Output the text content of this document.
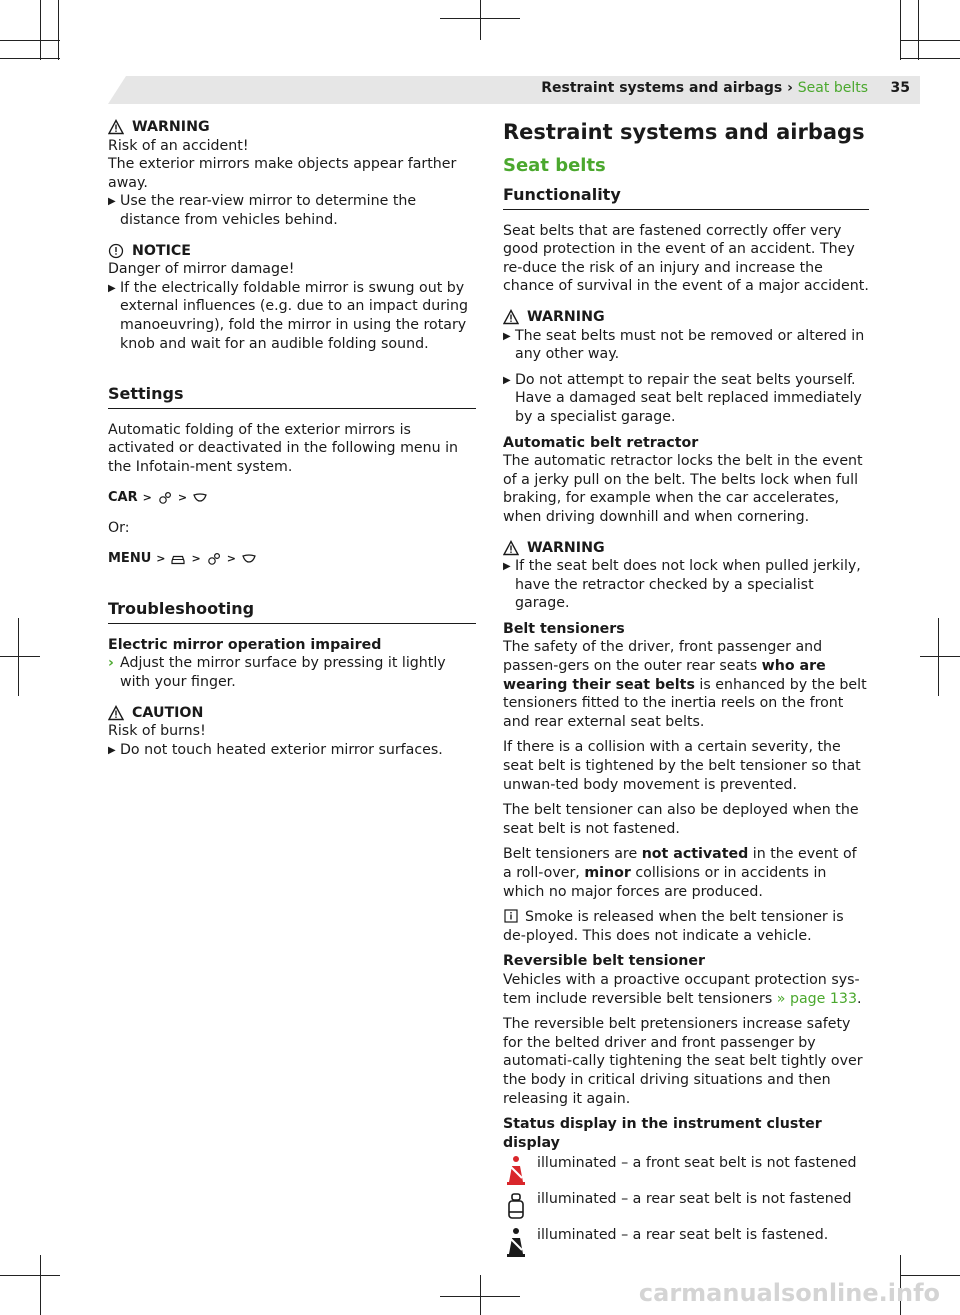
Restraint systems and airbags › Seat belts 35
WARNING

Risk of an accident!

The exterior mirrors make objects appear farther away.

▶ Use the rear-view mirror to determine the distance from vehicles behind.
NOTICE

Danger of mirror damage!

▶ If the electrically foldable mirror is swung out by external influences (e.g. due to an impact during manoeuvring), fold the mirror in using the rotary knob and wait for an audible folding sound.
Settings

Automatic folding of the exterior mirrors is activated or deactivated in the following menu in the Infotain-ment system.

CAR > >

Or:

MENU > > >
Troubleshooting

Electric mirror operation impaired

› Adjust the mirror surface by pressing it lightly with your finger.
CAUTION

Risk of burns!

▶ Do not touch heated exterior mirror surfaces.
Restraint systems and airbags
Seat belts
Functionality

Seat belts that are fastened correctly offer very good protection in the event of an accident. They re-duce the risk of an injury and increase the chance of survival in the event of a major accident.

WARNING
▶ The seat belts must not be removed or altered in any other way.
▶ Do not attempt to repair the seat belts yourself. Have a damaged seat belt replaced immediately by a specialist garage.

Automatic belt retractor

The automatic retractor locks the belt in the event of a jerky pull on the belt. The belts lock when full braking, for example when the car accelerates, when driving downhill and when cornering.

WARNING
▶ If the seat belt does not lock when pulled jerkily, have the retractor checked by a specialist garage.

Belt tensioners

The safety of the driver, front passenger and passen-gers on the outer rear seats who are wearing their seat belts is enhanced by the belt tensioners fitted to the inertia reels on the front and rear external seat belts.

If there is a collision with a certain severity, the seat belt is tightened by the belt tensioner so that unwan-ted body movement is prevented.

The belt tensioner can also be deployed when the seat belt is not fastened.

Belt tensioners are not activated in the event of a roll-over, minor collisions or in accidents in which no major forces are produced.

Smoke is released when the belt tensioner is de-ployed. This does not indicate a vehicle.

Reversible belt tensioner

Vehicles with a proactive occupant protection sys-tem include reversible belt tensioners » page 133.

The reversible belt pretensioners increase safety for the belted driver and front passenger by automati-cally tightening the seat belt tightly over the body in critical driving situations and then releasing it again.

Status display in the instrument cluster display

illuminated – a front seat belt is not fastened
illuminated – a rear seat belt is not fastened
illuminated – a rear seat belt is fastened.
carmanualsonline.info
